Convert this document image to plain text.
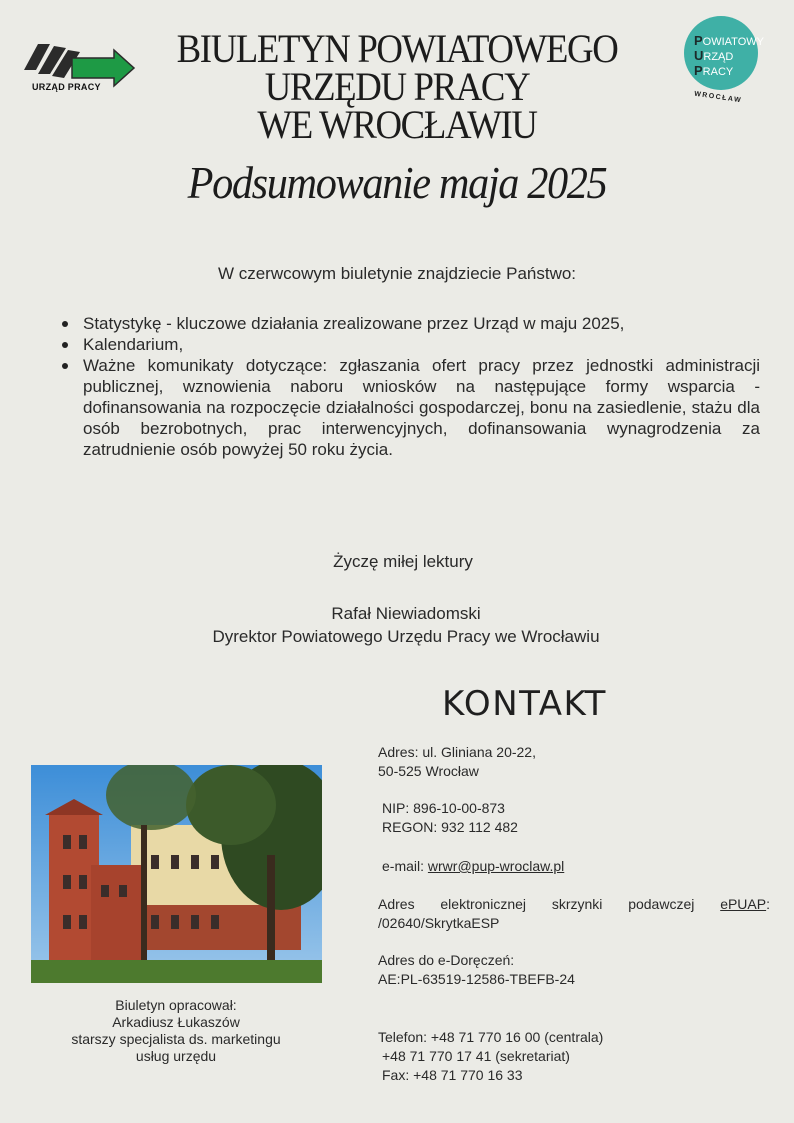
URZĄD PRACY
POWIATOWY
URZĄD
PRACY
WROCŁAW
BIULETYN POWIATOWEGO
URZĘDU PRACY
WE WROCŁAWIU
Podsumowanie maja 2025
W czerwcowym biuletynie znajdziecie Państwo:
Statystykę - kluczowe działania zrealizowane przez Urząd w maju 2025,
Kalendarium,
Ważne komunikaty dotyczące: zgłaszania ofert pracy przez jednostki administracji publicznej, wznowienia naboru wniosków na następujące formy wsparcia - dofinansowania na rozpoczęcie działalności gospodarczej, bonu na zasiedlenie, stażu dla osób bezrobotnych, prac interwencyjnych, dofinansowania wynagrodzenia za zatrudnienie osób powyżej 50 roku życia.
Życzę miłej lektury
Rafał Niewiadomski
Dyrektor Powiatowego Urzędu Pracy we Wrocławiu
KONTAKT
Biuletyn opracował:
Arkadiusz Łukaszów
starszy specjalista ds. marketingu
usług urzędu
Adres: ul. Gliniana 20-22,
50-525 Wrocław
NIP: 896-10-00-873
REGON: 932 112 482
e-mail: wrwr@pup-wroclaw.pl
Adres elektronicznej skrzynki podawczej ePUAP:
/02640/SkrytkaESP
Adres do e-Doręczeń:
AE:PL-63519-12586-TBEFB-24
Telefon: +48 71 770 16 00 (centrala)
+48 71 770 17 41 (sekretariat)
Fax: +48 71 770 16 33
